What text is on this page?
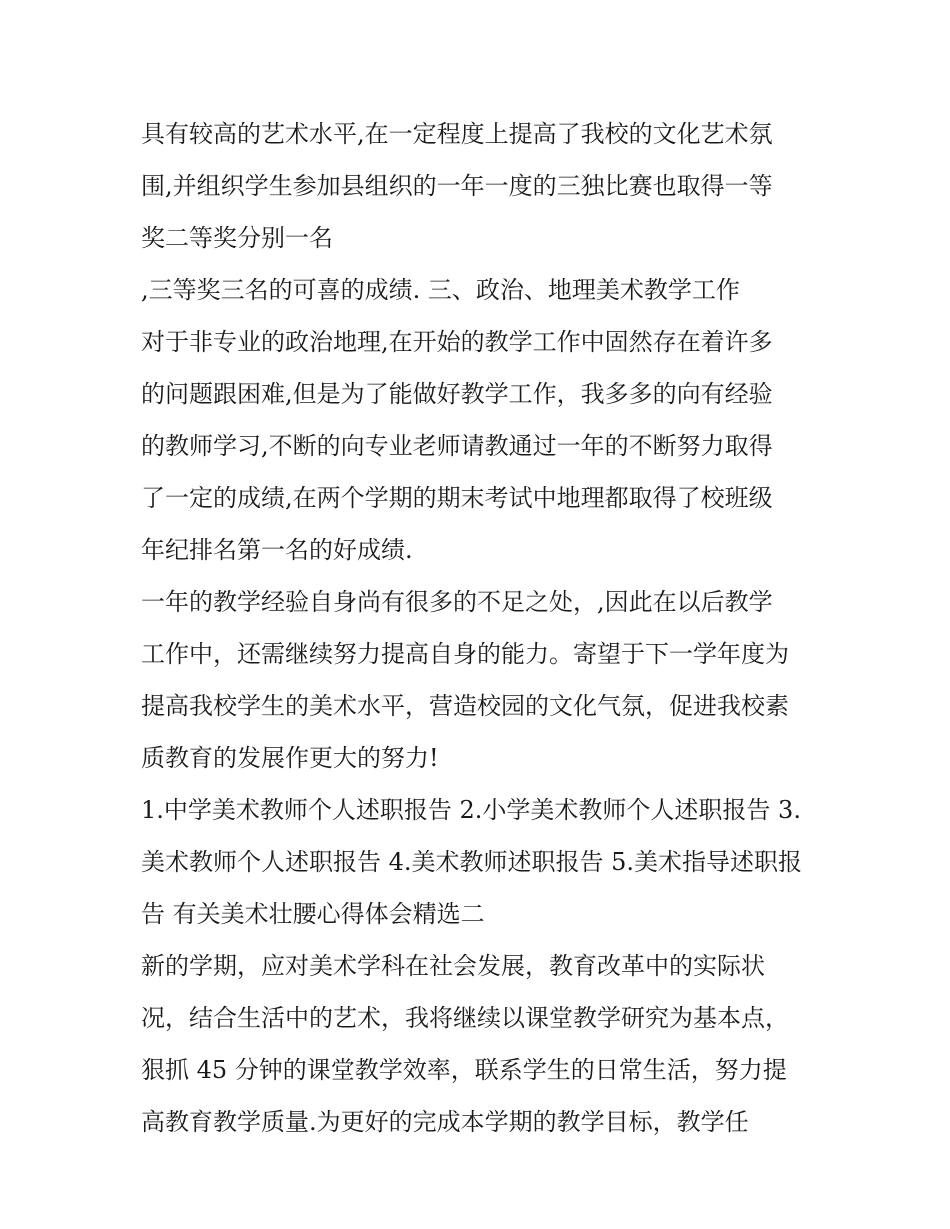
具有较高的艺术水平,在一定程度上提高了我校的文化艺术氛
围,并组织学生参加县组织的一年一度的三独比赛也取得一等
奖二等奖分别一名
,三等奖三名的可喜的成绩. 三、政治、地理美术教学工作
对于非专业的政治地理,在开始的教学工作中固然存在着许多
的问题跟困难,但是为了能做好教学工作，我多多的向有经验
的教师学习,不断的向专业老师请教通过一年的不断努力取得
了一定的成绩,在两个学期的期末考试中地理都取得了校班级
年纪排名第一名的好成绩.
一年的教学经验自身尚有很多的不足之处，,因此在以后教学
工作中，还需继续努力提高自身的能力。寄望于下一学年度为
提高我校学生的美术水平，营造校园的文化气氛，促进我校素
质教育的发展作更大的努力!
1.中学美术教师个人述职报告 2.小学美术教师个人述职报告 3.
美术教师个人述职报告 4.美术教师述职报告 5.美术指导述职报
告 有关美术壮腰心得体会精选二
新的学期，应对美术学科在社会发展，教育改革中的实际状
况，结合生活中的艺术，我将继续以课堂教学研究为基本点，
狠抓 45 分钟的课堂教学效率，联系学生的日常生活，努力提
高教育教学质量.为更好的完成本学期的教学目标，教学任
